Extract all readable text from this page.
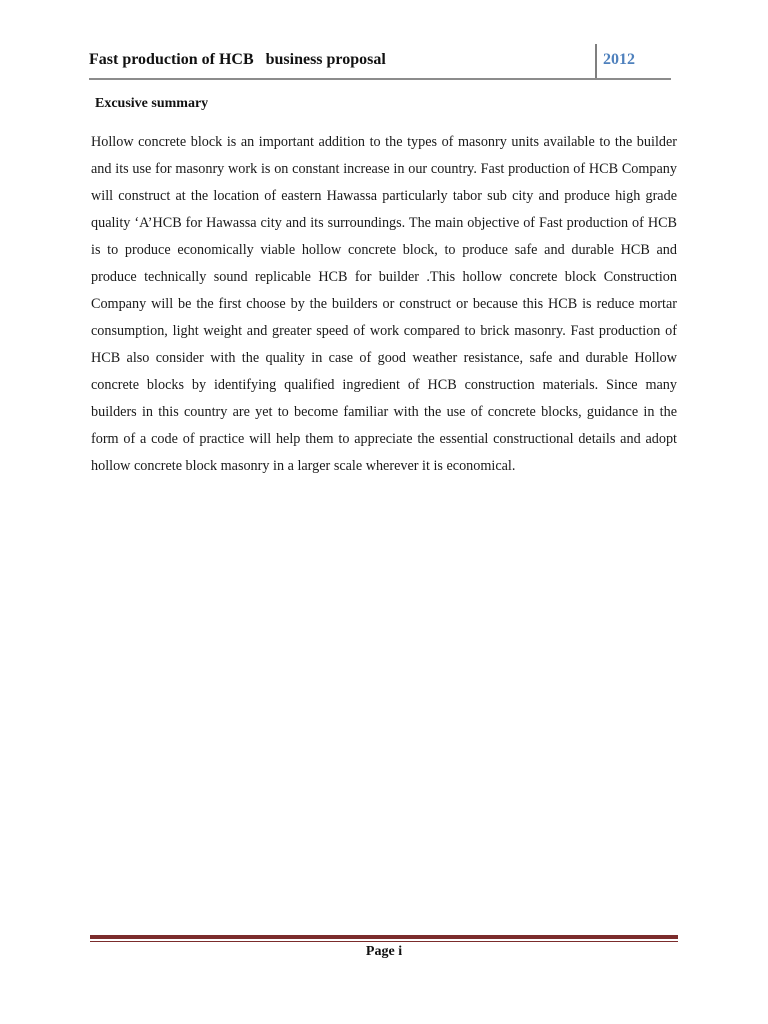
Fast production of HCB   business proposal	2012
Excusive summary

Hollow concrete block is an important addition to the types of masonry units available to the builder and its use for masonry work is on constant increase in our country. Fast production of HCB Company will construct at the location of eastern Hawassa particularly tabor sub city and produce high grade quality ‘A’HCB for Hawassa city and its surroundings. The main objective of Fast production of HCB is to produce economically viable hollow concrete block, to produce safe and durable HCB and produce technically sound replicable HCB for builder .This hollow concrete block Construction Company will be the first choose by the builders or construct or because this HCB is reduce mortar consumption, light weight and greater speed of work compared to brick masonry. Fast production of HCB also consider with the quality in case of good weather resistance, safe and durable Hollow concrete blocks by identifying qualified ingredient of HCB construction materials. Since many builders in this country are yet to become familiar with the use of concrete blocks, guidance in the form of a code of practice will help them to appreciate the essential constructional details and adopt hollow concrete block masonry in a larger scale wherever it is economical.

Page i
